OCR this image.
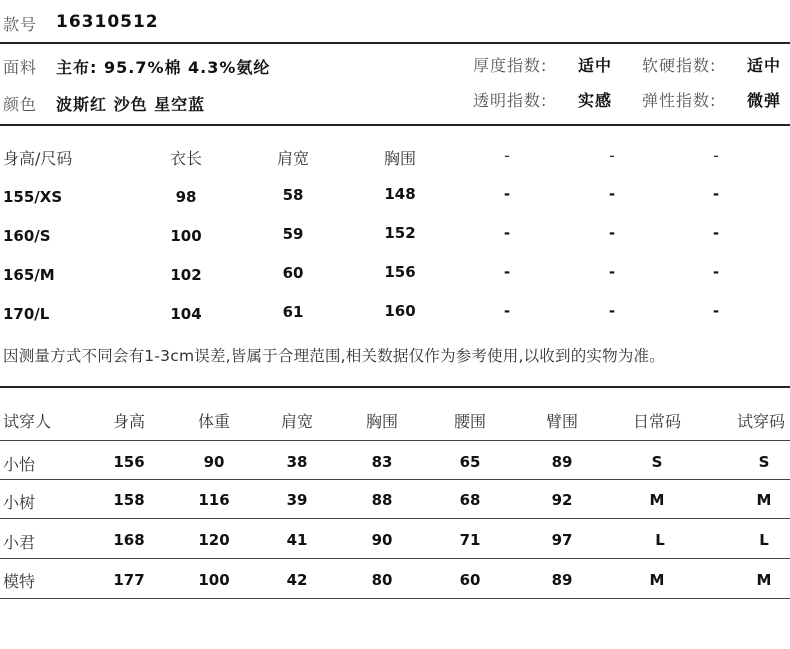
款号 16310512
面料 主布: 95.7%棉 4.3%氨纶
颜色 波斯红 沙色 星空蓝
厚度指数: 适中 软硬指数: 适中
透明指数: 实感 弹性指数: 微弹
身高/尺码	衣长	肩宽	胸围	-	-	-
155/XS	98	58	148	-	-	-
160/S	100	59	152	-	-	-
165/M	102	60	156	-	-	-
170/L	104	61	160	-	-	-
因测量方式不同会有1-3cm误差,皆属于合理范围,相关数据仅作为参考使用,以收到的实物为准。
试穿人	身高	体重	肩宽	胸围	腰围	臂围	日常码	试穿码
小怡	156	90	38	83	65	89	S	S
小树	158	116	39	88	68	92	M	M
小君	168	120	41	90	71	97	L	L
模特	177	100	42	80	60	89	M	M
